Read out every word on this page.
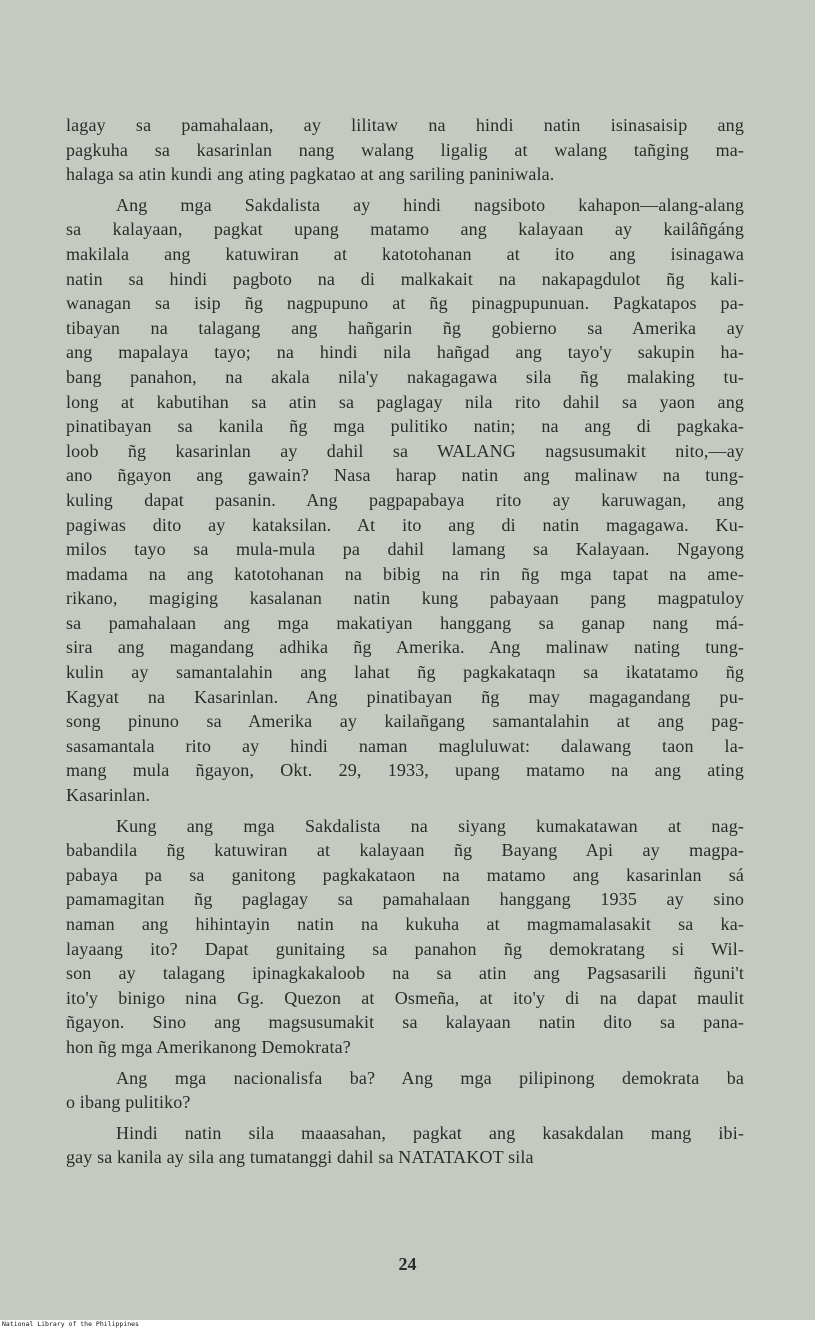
lagay sa pamahalaan, ay lilitaw na hindi natin isinasaisip ang
pagkuha sa kasarinlan nang walang ligalig at walang tañging ma-
halaga sa atin kundi ang ating pagkatao at ang sariling paniniwala.
Ang mga Sakdalista ay hindi nagsiboto kahapon—alang-alang
sa kalayaan, pagkat upang matamo ang kalayaan ay kailâñgáng
makilala ang katuwiran at katotohanan at ito ang isinagawa
natin sa hindi pagboto na di malkakait na nakapagdulot ñg kali-
wanagan sa isip ñg nagpupuno at ñg pinagpupunuan. Pagkatapos pa-
tibayan na talagang ang hañgarin ñg gobierno sa Amerika ay
ang mapalaya tayo; na hindi nila hañgad ang tayo'y sakupin ha-
bang panahon, na akala nila'y nakagagawa sila ñg malaking tu-
long at kabutihan sa atin sa paglagay nila rito dahil sa yaon ang
pinatibayan sa kanila ñg mga pulitiko natin; na ang di pagkaka-
loob ñg kasarinlan ay dahil sa WALANG nagsusumakit nito,—ay
ano ñgayon ang gawain? Nasa harap natin ang malinaw na tung-
kuling dapat pasanin. Ang pagpapabaya rito ay karuwagan, ang
pagiwas dito ay kataksilan. At ito ang di natin magagawa. Ku-
milos tayo sa mula-mula pa dahil lamang sa Kalayaan. Ngayong
madama na ang katotohanan na bibig na rin ñg mga tapat na ame-
rikano, magiging kasalanan natin kung pabayaan pang magpatuloy
sa pamahalaan ang mga makatiyan hanggang sa ganap nang má-
sira ang magandang adhika ñg Amerika. Ang malinaw nating tung-
kulin ay samantalahin ang lahat ñg pagkakataqn sa ikatatamo ñg
Kagyat na Kasarinlan. Ang pinatibayan ñg may magagandang pu-
song pinuno sa Amerika ay kailañgang samantalahin at ang pag-
sasamantala rito ay hindi naman magluluwat: dalawang taon la-
mang mula ñgayon, Okt. 29, 1933, upang matamo na ang ating
Kasarinlan.
Kung ang mga Sakdalista na siyang kumakatawan at nag-
babandila ñg katuwiran at kalayaan ñg Bayang Api ay magpa-
pabaya pa sa ganitong pagkakataon na matamo ang kasarinlan sá
pamamagitan ñg paglagay sa pamahalaan hanggang 1935 ay sino
naman ang hihintayin natin na kukuha at magmamalasakit sa ka-
layaang ito? Dapat gunitaing sa panahon ñg demokratang si Wil-
son ay talagang ipinagkakaloob na sa atin ang Pagsasarili ñguni't
ito'y binigo nina Gg. Quezon at Osmeña, at ito'y di na dapat maulit
ñgayon. Sino ang magsusumakit sa kalayaan natin dito sa pana-
hon ñg mga Amerikanong Demokrata?
Ang mga nacionalisfa ba? Ang mga pilipinong demokrata ba
o ibang pulitiko?
Hindi natin sila maaasahan, pagkat ang kasakdalan mang ibi-
gay sa kanila ay sila ang tumatanggi dahil sa NATATAKOT sila
24
National Library of the Philippines
